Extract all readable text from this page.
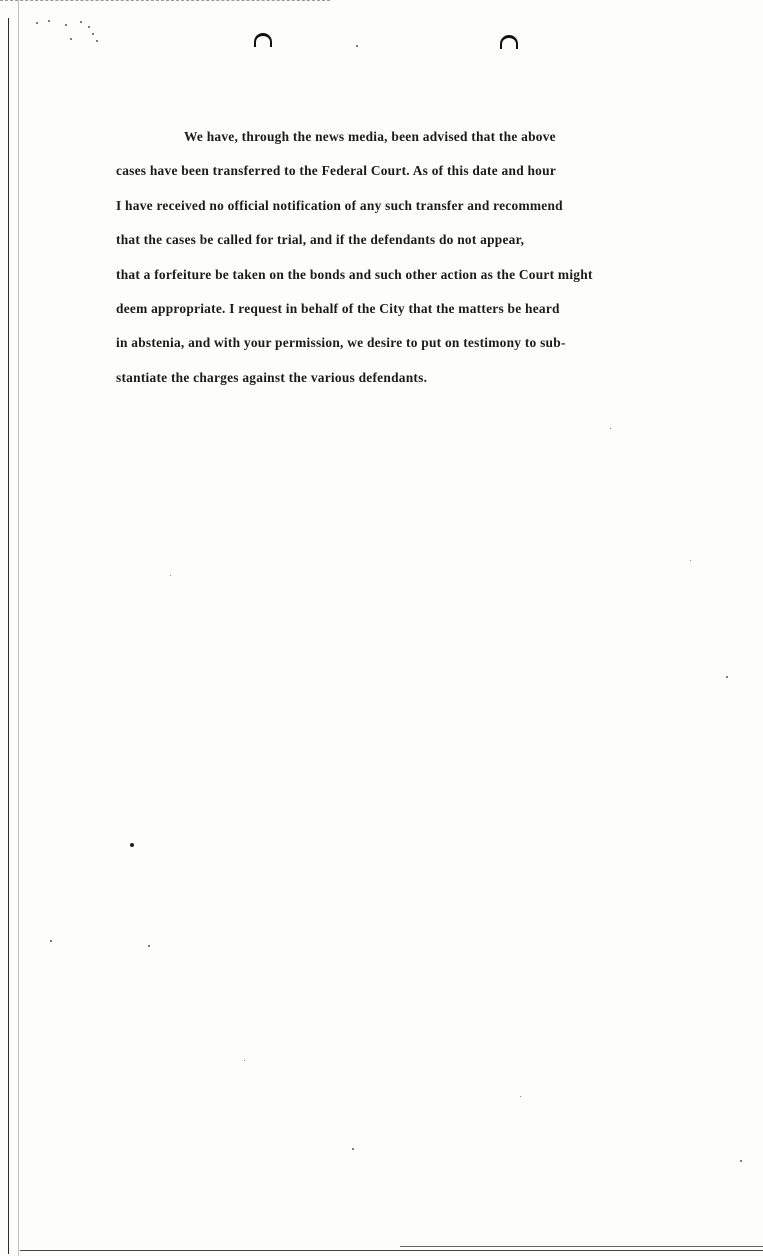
We have, through the news media, been advised that the above
cases have been transferred to the Federal Court. As of this date and hour
I have received no official notification of any such transfer and recommend
that the cases be called for trial, and if the defendants do not appear,
that a forfeiture be taken on the bonds and such other action as the Court might
deem appropriate. I request in behalf of the City that the matters be heard
in abstenia, and with your permission, we desire to put on testimony to sub-
stantiate the charges against the various defendants.
